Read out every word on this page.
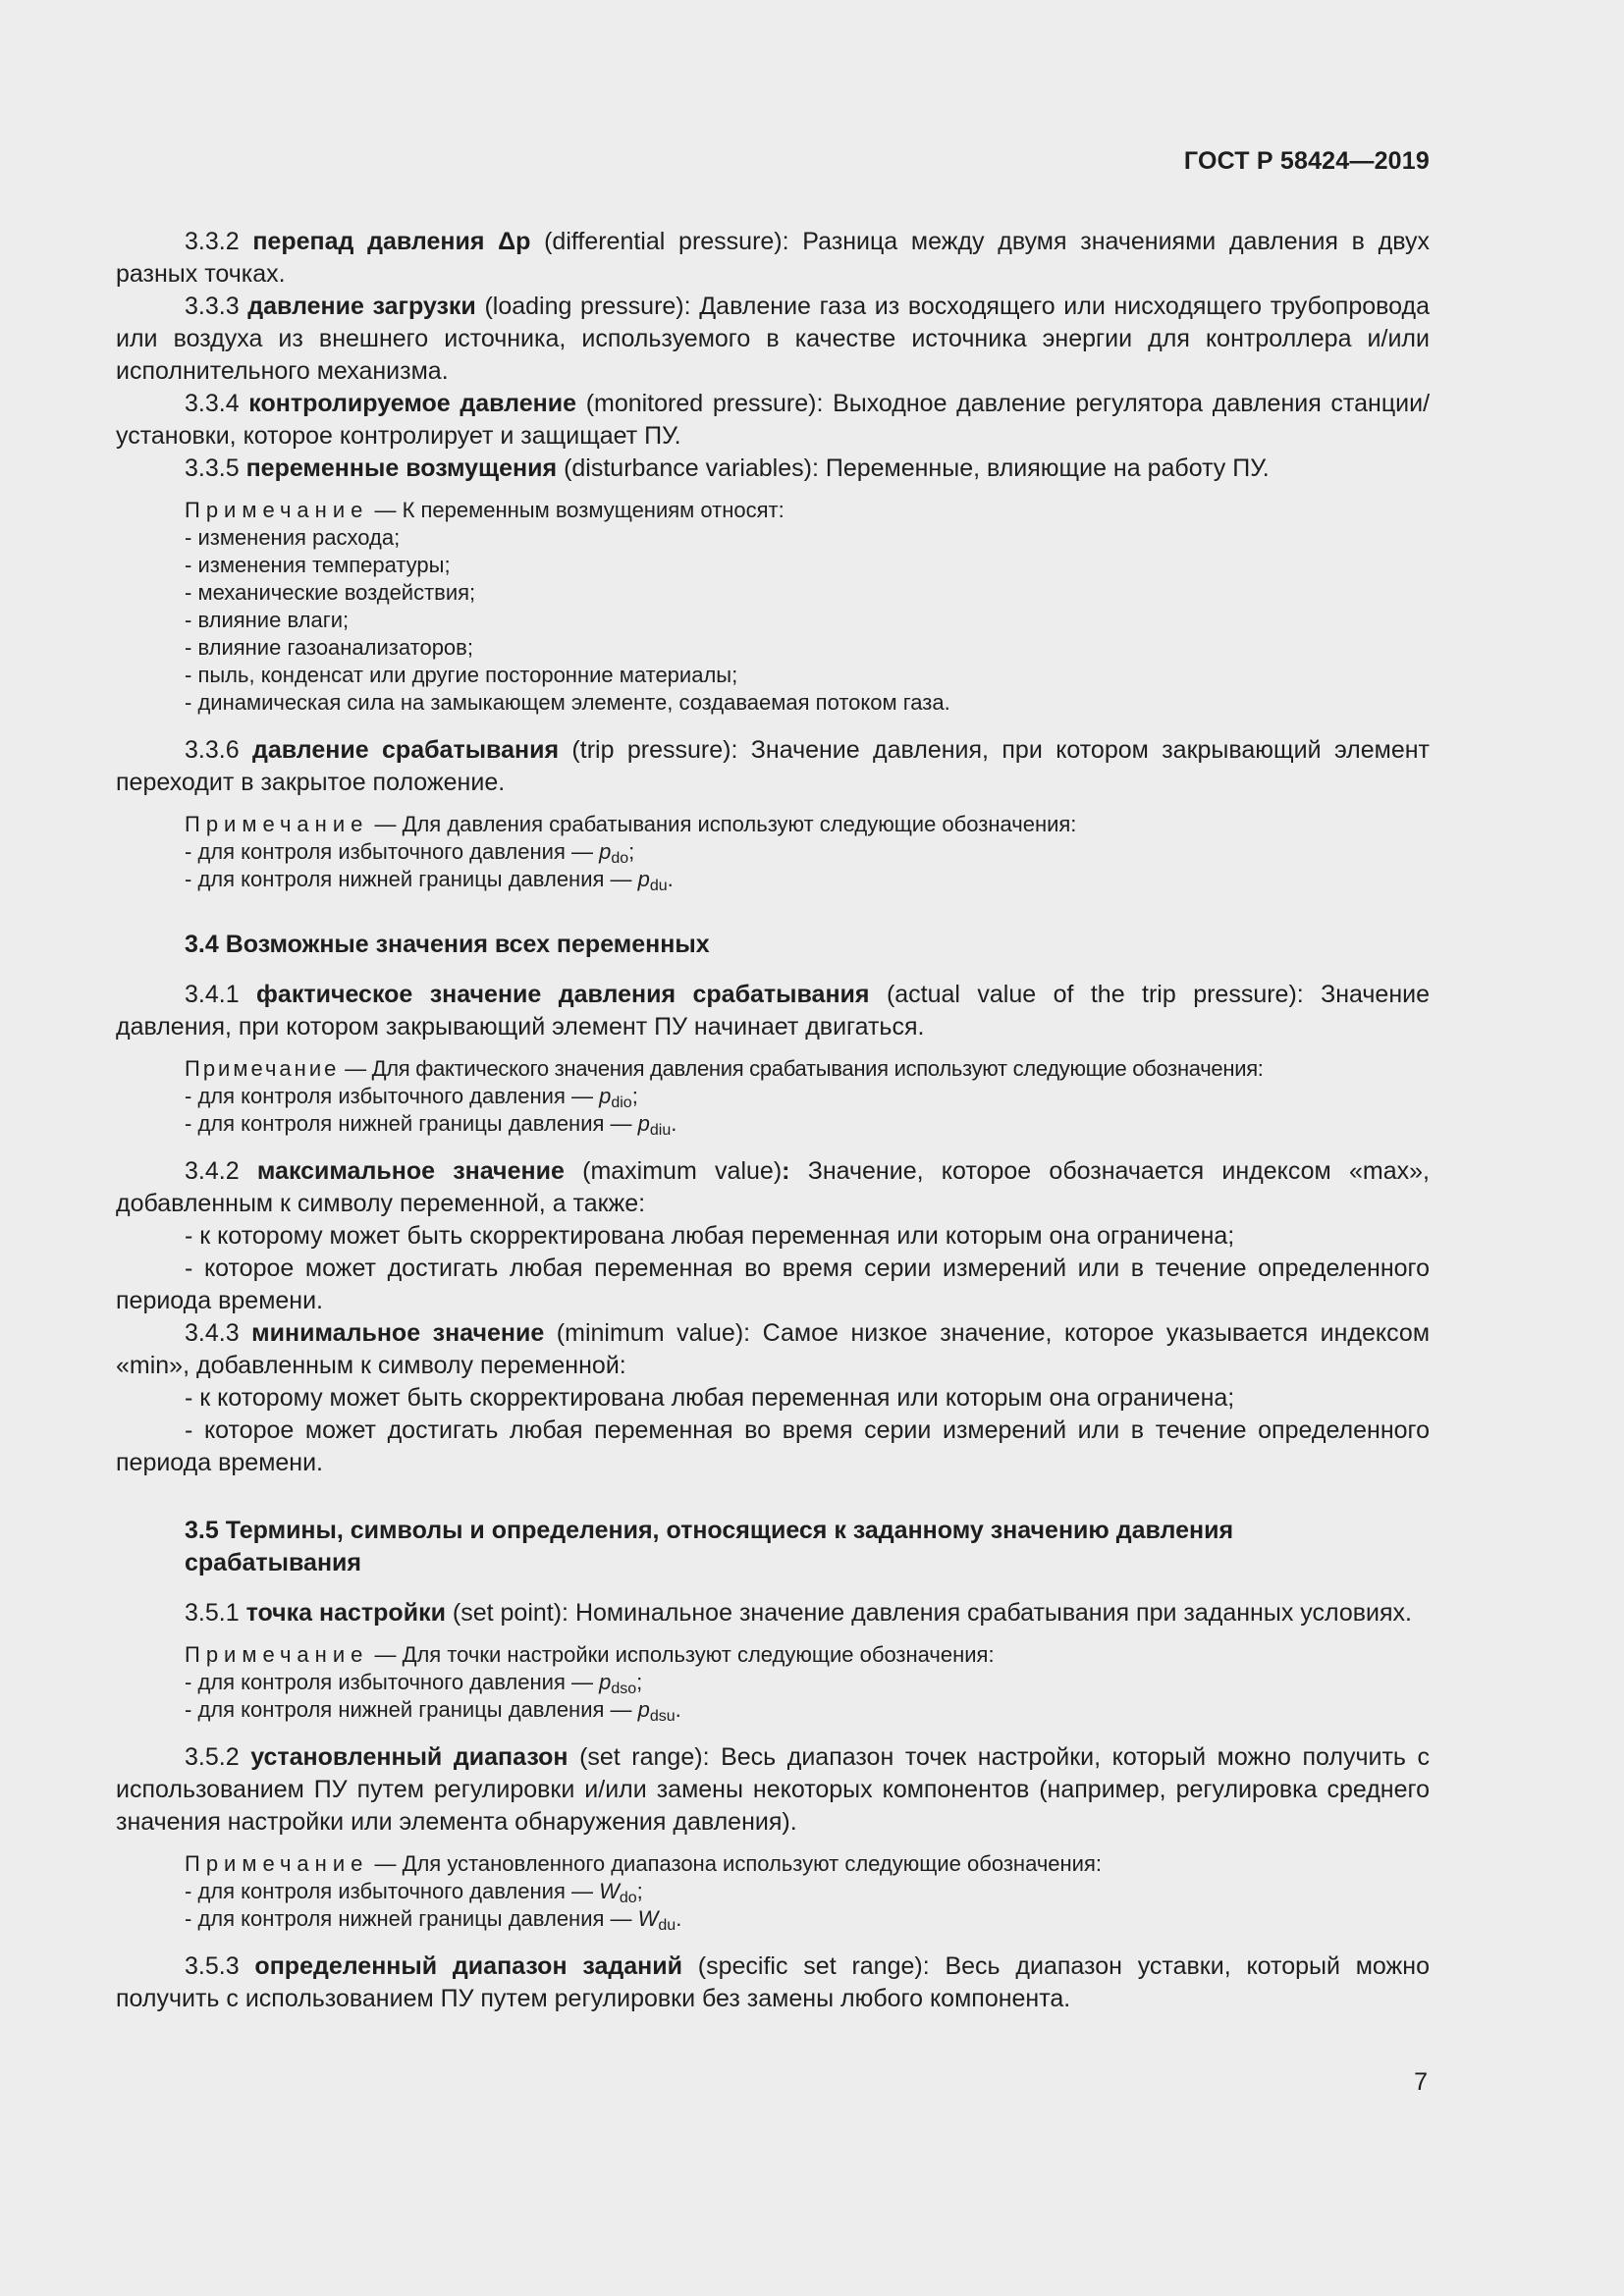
ГОСТ Р 58424—2019

3.3.2 перепад давления Δp (differential pressure): Разница между двумя значениями давления в двух разных точках.

3.3.3 давление загрузки (loading pressure): Давление газа из восходящего или нисходящего трубопровода или воздуха из внешнего источника, используемого в качестве источника энергии для контроллера и/или исполнительного механизма.

3.3.4 контролируемое давление (monitored pressure): Выходное давление регулятора давления станции/установки, которое контролирует и защищает ПУ.

3.3.5 переменные возмущения (disturbance variables): Переменные, влияющие на работу ПУ.

Примечание — К переменным возмущениям относят:
- изменения расхода;
- изменения температуры;
- механические воздействия;
- влияние влаги;
- влияние газоанализаторов;
- пыль, конденсат или другие посторонние материалы;
- динамическая сила на замыкающем элементе, создаваемая потоком газа.

3.3.6 давление срабатывания (trip pressure): Значение давления, при котором закрывающий элемент переходит в закрытое положение.

Примечание — Для давления срабатывания используют следующие обозначения:
- для контроля избыточного давления — $p_{do}$;
- для контроля нижней границы давления — $p_{du}$.

3.4 Возможные значения всех переменных

3.4.1 фактическое значение давления срабатывания (actual value of the trip pressure): Значение давления, при котором закрывающий элемент ПУ начинает двигаться.

Примечание — Для фактического значения давления срабатывания используют следующие обозначения:
- для контроля избыточного давления — $p_{dio}$;
- для контроля нижней границы давления — $p_{diu}$.

3.4.2 максимальное значение (maximum value): Значение, которое обозначается индексом «max», добавленным к символу переменной, а также:

- к которому может быть скорректирована любая переменная или которым она ограничена;

- которое может достигать любая переменная во время серии измерений или в течение определенного периода времени.

3.4.3 минимальное значение (minimum value): Самое низкое значение, которое указывается индексом «min», добавленным к символу переменной:

- к которому может быть скорректирована любая переменная или которым она ограничена;

- которое может достигать любая переменная во время серии измерений или в течение определенного периода времени.

3.5 Термины, символы и определения, относящиеся к заданному значению давления
срабатывания

3.5.1 точка настройки (set point): Номинальное значение давления срабатывания при заданных условиях.

Примечание — Для точки настройки используют следующие обозначения:
- для контроля избыточного давления — $p_{dso}$;
- для контроля нижней границы давления — $p_{dsu}$.

3.5.2 установленный диапазон (set range): Весь диапазон точек настройки, который можно получить с использованием ПУ путем регулировки и/или замены некоторых компонентов (например, регулировка среднего значения настройки или элемента обнаружения давления).

Примечание — Для установленного диапазона используют следующие обозначения:
- для контроля избыточного давления — $W_{do}$;
- для контроля нижней границы давления — $W_{du}$.

3.5.3 определенный диапазон заданий (specific set range): Весь диапазон уставки, который можно получить с использованием ПУ путем регулировки без замены любого компонента.

7
